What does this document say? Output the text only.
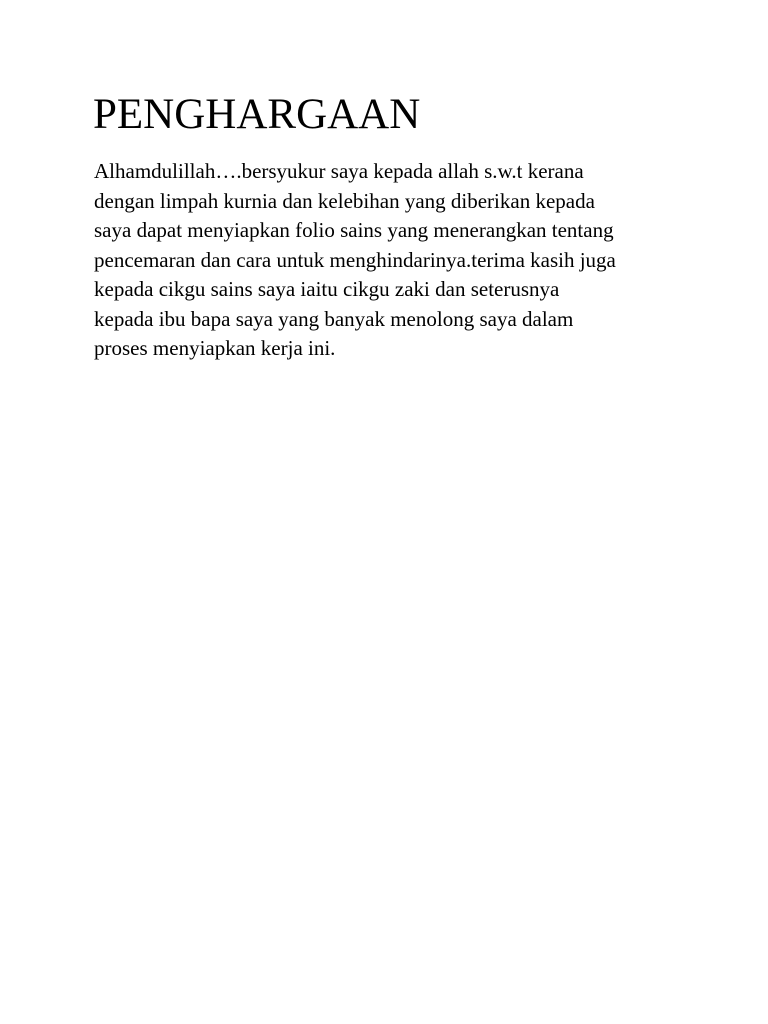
PENGHARGAAN
Alhamdulillah….bersyukur saya kepada allah s.w.t kerana
dengan limpah kurnia dan kelebihan yang diberikan kepada
saya dapat menyiapkan folio sains yang menerangkan tentang
pencemaran dan cara untuk menghindarinya.terima kasih juga
kepada cikgu sains saya iaitu cikgu zaki dan seterusnya
kepada ibu bapa saya yang banyak menolong saya dalam
proses menyiapkan kerja ini.
